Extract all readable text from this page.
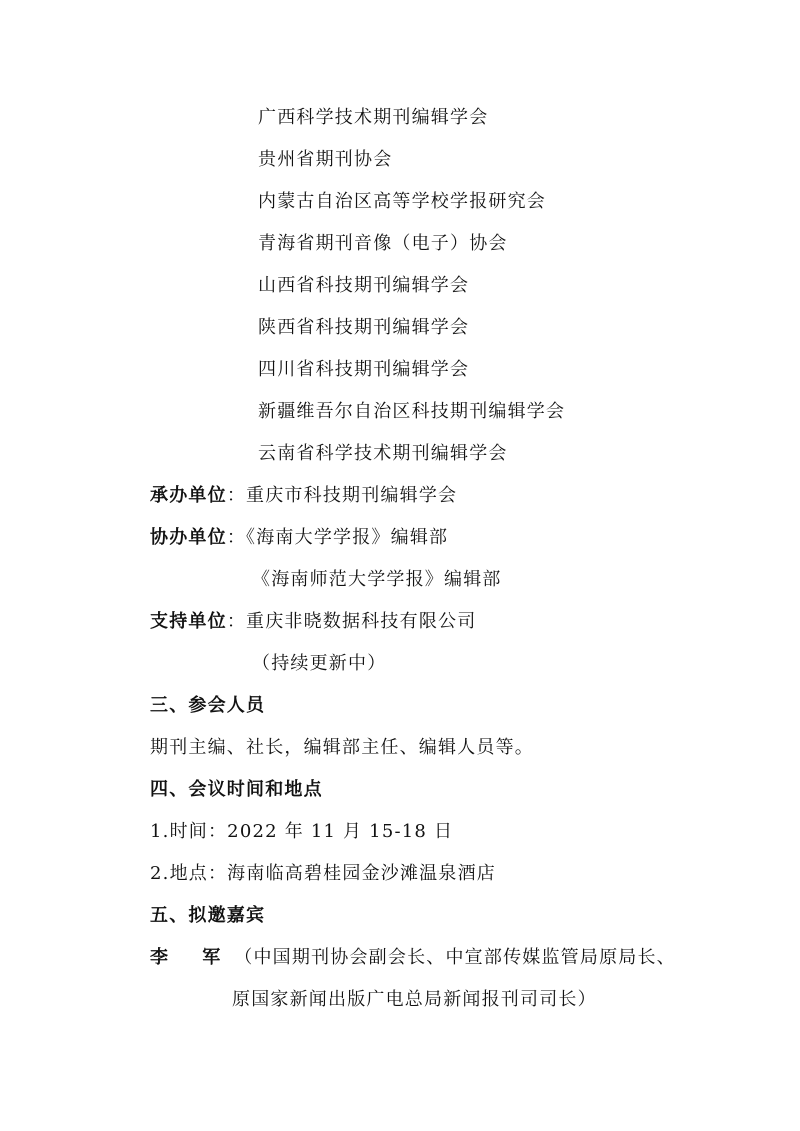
广西科学技术期刊编辑学会
贵州省期刊协会
内蒙古自治区高等学校学报研究会
青海省期刊音像（电子）协会
山西省科技期刊编辑学会
陕西省科技期刊编辑学会
四川省科技期刊编辑学会
新疆维吾尔自治区科技期刊编辑学会
云南省科学技术期刊编辑学会
承办单位：重庆市科技期刊编辑学会
协办单位：《海南大学学报》编辑部
《海南师范大学学报》编辑部
支持单位：重庆非晓数据科技有限公司
（持续更新中）
三、参会人员
期刊主编、社长，编辑部主任、编辑人员等。
四、会议时间和地点
1.时间：2022 年 11 月 15-18 日
2.地点：海南临高碧桂园金沙滩温泉酒店
五、拟邀嘉宾
李 军（中国期刊协会副会长、中宣部传媒监管局原局长、
原国家新闻出版广电总局新闻报刊司司长）
